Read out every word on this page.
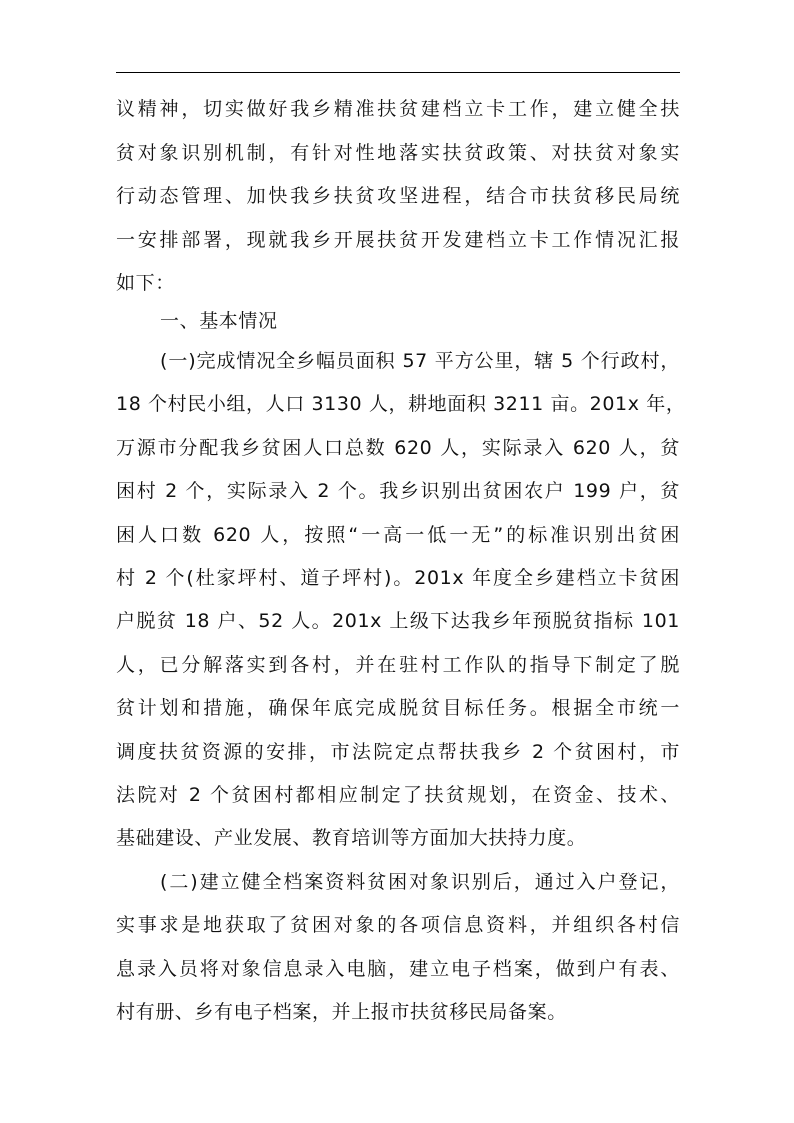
议精神，切实做好我乡精准扶贫建档立卡工作，建立健全扶
贫对象识别机制，有针对性地落实扶贫政策、对扶贫对象实
行动态管理、加快我乡扶贫攻坚进程，结合市扶贫移民局统
一安排部署，现就我乡开展扶贫开发建档立卡工作情况汇报
如下：
一、基本情况
(一)完成情况全乡幅员面积 57 平方公里，辖 5 个行政村，
18 个村民小组，人口 3130 人，耕地面积 3211 亩。201x 年，
万源市分配我乡贫困人口总数 620 人，实际录入 620 人，贫
困村 2 个，实际录入 2 个。我乡识别出贫困农户 199 户，贫
困人口数 620 人，按照“一高一低一无”的标准识别出贫困
村 2 个(杜家坪村、道子坪村)。201x 年度全乡建档立卡贫困
户脱贫 18 户、52 人。201x 上级下达我乡年预脱贫指标 101
人，已分解落实到各村，并在驻村工作队的指导下制定了脱
贫计划和措施，确保年底完成脱贫目标任务。根据全市统一
调度扶贫资源的安排，市法院定点帮扶我乡 2 个贫困村，市
法院对 2 个贫困村都相应制定了扶贫规划，在资金、技术、
基础建设、产业发展、教育培训等方面加大扶持力度。
(二)建立健全档案资料贫困对象识别后，通过入户登记，
实事求是地获取了贫困对象的各项信息资料，并组织各村信
息录入员将对象信息录入电脑，建立电子档案，做到户有表、
村有册、乡有电子档案，并上报市扶贫移民局备案。
